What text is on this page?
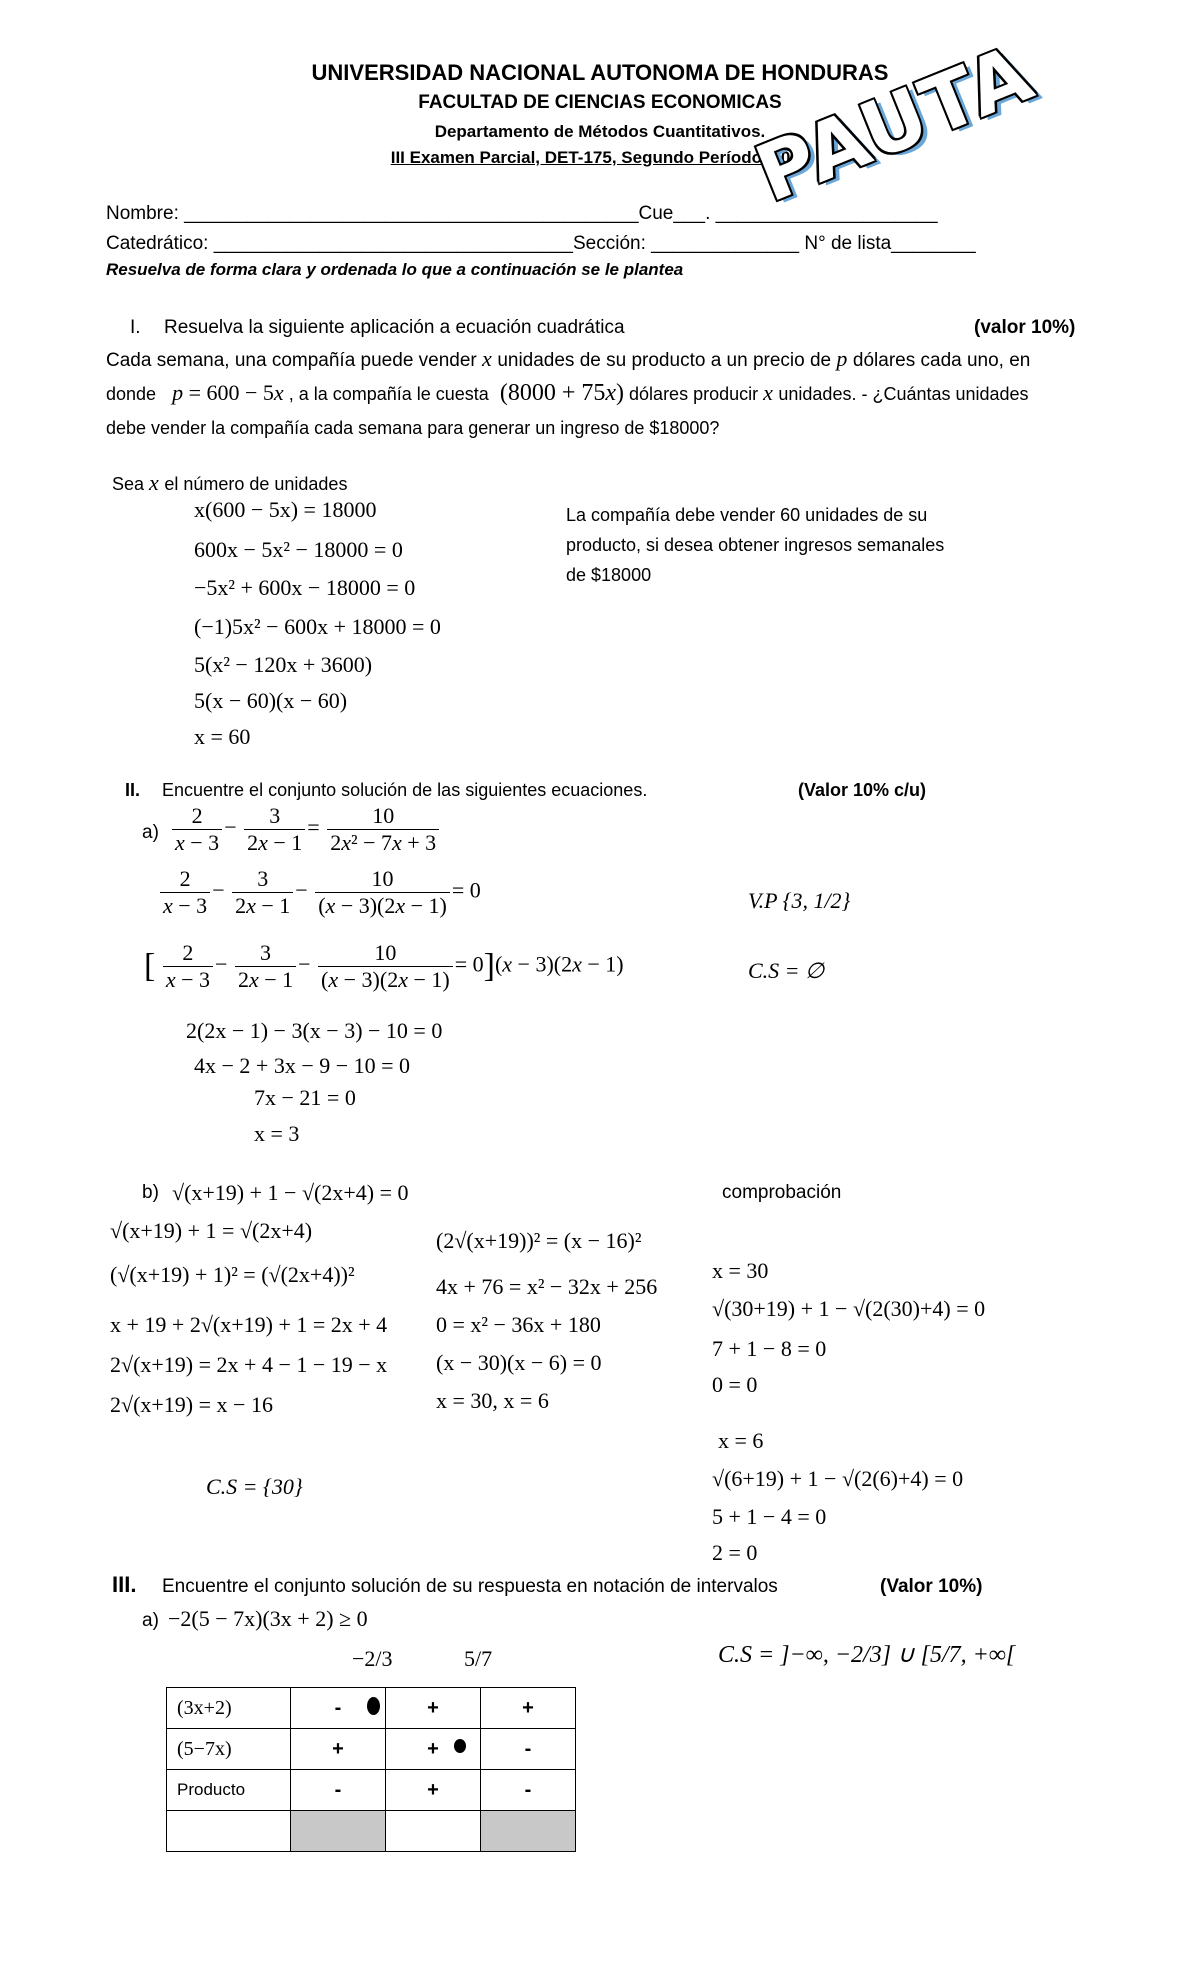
UNIVERSIDAD NACIONAL AUTONOMA DE HONDURAS
FACULTAD DE CIENCIAS ECONOMICAS
Departamento de Métodos Cuantitativos.
III Examen Parcial, DET-175, Segundo Período, 2022
PAUTA
Nombre: ___________________________________________Cue___. _____________________
Catedrático: __________________________________Sección: ______________ N° de lista________
Resuelva de forma clara y ordenada lo que a continuación se le plantea
I. Resuelva la siguiente aplicación a ecuación cuadrática	(valor 10%)
Cada semana, una compañía puede vender x unidades de su producto a un precio de p dólares cada uno, en
donde p = 600 − 5x , a la compañía le cuesta  (8000 + 75x) dólares producir x unidades. - ¿Cuántas unidades
debe vender la compañía cada semana para generar un ingreso de $18000?
Sea x el número de unidades
x(600 − 5x) = 18000
600x − 5x² − 18000 = 0
−5x² + 600x − 18000 = 0
(−1)5x² − 600x + 18000 = 0
5(x² − 120x + 3600)
5(x − 60)(x − 60)
x = 60
La compañía debe vender 60 unidades de su
producto, si desea obtener ingresos semanales
de $18000
II. Encuentre el conjunto solución de las siguientes ecuaciones.	(Valor 10% c/u)
$a) \frac{2}{x - 3} - \frac{3}{2x - 1} = \frac{10}{\text{2x² − 7x + 3}}$
$\frac{2}{x - 3} - \frac{3}{2x - 1} - \frac{10}{(x - 3)(2x - 1)} = 0$
[ $\frac{2}{x - 3} - \frac{3}{2x - 1} - \frac{10}{(x - 3)(2x - 1)} = 0](x - 3)(2x - 1)$
2(2x − 1) − 3(x − 3) − 10 = 0
4x − 2 + 3x − 9 − 10 = 0
7x − 21 = 0
x = 3
V.P {3, 1/2}
C.S = ∅
b) √(x+19) + 1 − √(2x+4) = 0	comprobación
√(x+19) + 1 = √(2x+4)
(√(x+19) + 1)² = (√(2x+4))²
x + 19 + 2√(x+19) + 1 = 2x + 4
2√(x+19) = 2x + 4 − 1 − 19 − x
2√(x+19) = x − 16
(2√(x+19))² = (x − 16)²
4x + 76 = x² − 32x + 256
0 = x² − 36x + 180
(x − 30)(x − 6) = 0
x = 30, x = 6
x = 30
√(30+19) + 1 − √(2(30)+4) = 0
7 + 1 − 8 = 0
0 = 0
x = 6
√(6+19) + 1 − √(2(6)+4) = 0
5 + 1 − 4 = 0
2 = 0
C.S = {30}
III. Encuentre el conjunto solución de su respuesta en notación de intervalos	(Valor 10%)
a) −2(5 − 7x)(3x + 2) ≥ 0
−2/3	5/7	C.S = ]−∞, −2/3] ∪ [5/7, +∞[
(3x+2)	-	+	+
(5−7x)	+	+	-
Producto	-	+	-
